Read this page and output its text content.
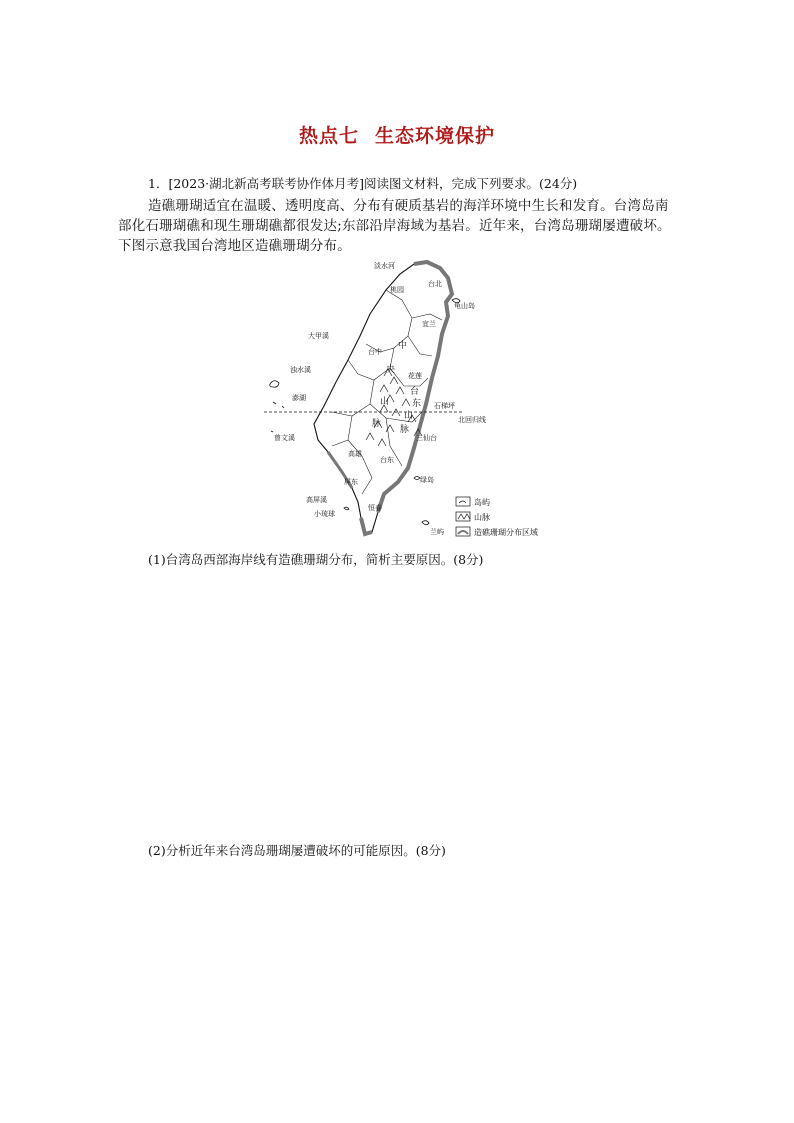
热点七 生态环境保护
1．[2023·湖北新高考联考协作体月考]阅读图文材料，完成下列要求。(24分)
造礁珊瑚适宜在温暖、透明度高、分布有硬质基岩的海洋环境中生长和发育。台湾岛南部化石珊瑚礁和现生珊瑚礁都很发达;东部沿岸海域为基岩。近年来，台湾岛珊瑚屡遭破坏。下图示意我国台湾地区造礁珊瑚分布。
淡水河
台北
桃园
龟山岛
宜兰
大甲溪
台中
浊水溪
澎湖
花莲
石梯坪
北回归线
曾文溪	三仙台
高雄
台东
屏东	绿岛
高屏溪
小琉球
恒春
兰屿
中
央
山
脉
台
东
山
脉
岛屿
山脉
造礁珊瑚分布区域
(1)台湾岛西部海岸线有造礁珊瑚分布，简析主要原因。(8分)
(2)分析近年来台湾岛珊瑚屡遭破坏的可能原因。(8分)
